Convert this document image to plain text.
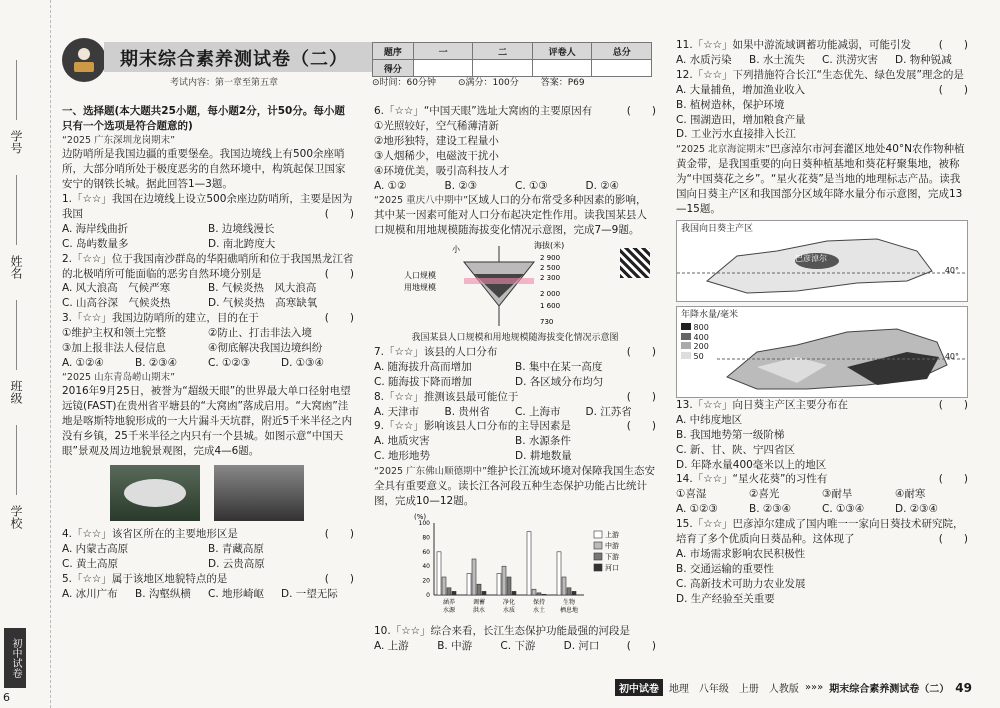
学号
姓名
班级
学校
初中试卷
6
期末综合素养测试卷（二）
考试内容：第一章至第五章
题序	一	二	评卷人	总分
得分				
⊙时间：60分钟 ⊙满分：100分 答案：P69

一、选择题(本大题共25小题，每小题2分，计50分。每小题只有一个选项是符合题意的)

“2025 广东深圳龙岗期末”

边防哨所是我国边疆的重要堡垒。我国边境线上有500余座哨所，大部分哨所处于极度恶劣的自然环境中，构筑起保卫国家安宁的钢铁长城。据此回答1—3题。

1.「☆☆」我国在边境线上设立500余座边防哨所，主要是因为我国	(　　)

A. 海岸线曲折	B. 边境线漫长
C. 岛屿数量多	D. 南北跨度大

2.「☆☆」位于我国南沙群岛的华阳礁哨所和位于我国黑龙江省的北极哨所可能面临的恶劣自然环境分别是	(　　)

A. 风大浪高　气候严寒	B. 气候炎热　风大浪高
C. 山高谷深　气候炎热	D. 气候炎热　高寒缺氧

3.「☆☆」我国边防哨所的建立，目的在于	(　　)

①维护主权和领土完整	②防止、打击非法入境
③加上报非法人侵信息	④彻底解决我国边境纠纷
A. ①②④	B. ②③④	C. ①②③	D. ①③④

“2025 山东青岛崂山期末”

2016年9月25日，被誉为“超级天眼”的世界最大单口径射电望远镜(FAST)在贵州省平塘县的“大窝凼”落成启用。“大窝凼”洼地是喀斯特地貌形成的一大片漏斗天坑群，附近5千米半径之内没有乡镇，25千米半径之内只有一个县城。如图示意“中国天眼”景观及周边地貌景观图，完成4—6题。

4.「☆☆」该省区所在的主要地形区是	(　　)

A. 内蒙古高原	B. 青藏高原
C. 黄土高原	D. 云贵高原

5.「☆☆」属于该地区地貌特点的是	(　　)

A. 冰川广布	B. 沟壑纵横	C. 地形崎岖	D. 一望无际

6.「☆☆」“中国天眼”选址大窝凼的主要原因有	(　　)

①光照较好，空气稀薄清新

②地形独特，建设工程量小

③人烟稀少，电磁波干扰小

④环境优美，吸引高科技人才

A. ①②	B. ②③	C. ①③	D. ②④

“2025 重庆八中期中”区域人口的分布常受多种因素的影响，其中某一因素可能对人口分布起决定性作用。读我国某县人口规模和用地规模随海拔变化情况示意图，完成7—9题。

人口规模
用地规模
小	海拔(米)
2 900
2 500
2 300
2 000
1 600
730

我国某县人口规模和用地规模随海拔变化情况示意图

7.「☆☆」该县的人口分布	(　　)

A. 随海拔升高而增加	B. 集中在某一高度
C. 随海拔下降而增加	D. 各区域分布均匀

8.「☆☆」推测该县最可能位于	(　　)

A. 天津市	B. 贵州省	C. 上海市	D. 江苏省

9.「☆☆」影响该县人口分布的主导因素是	(　　)

A. 地质灾害	B. 水源条件
C. 地形地势	D. 耕地数量

“2025 广东佛山顺德期中”维护长江流域环境对保障我国生态安全具有重要意义。读长江各河段五种生态保护功能占比统计图，完成10—12题。

(%)
0
20
40
60
80
100
涵养
水源
调蓄
洪水
净化
水质
保持
水土
生物
栖息地
上游
中游
下游
河口

10.「☆☆」综合来看，长江生态保护功能最强的河段是
(　　)

A. 上游	B. 中游	C. 下游	D. 河口

11.「☆☆」如果中游流域调蓄功能减弱，可能引发	(　　)

A. 水质污染	B. 水土流失	C. 洪涝灾害	D. 物种锐减

12.「☆☆」下列措施符合长江“生态优先、绿色发展”理念的是
(　　)

A. 大量捕鱼，增加渔业收入

B. 植树造林，保护环境

C. 围湖造田，增加粮食产量

D. 工业污水直接排入长江

“2025 北京海淀期末”巴彦淖尔市河套灌区地处40°N农作物种植黄金带，是我国重要的向日葵种植基地和葵花籽聚集地，被称为“中国葵花之乡”。“星火花葵”是当地的地理标志产品。读我国向日葵主产区和我国部分区域年降水量分布示意图，完成13—15题。

我国向日葵主产区
巴彦淖尔
40°
年降水量/毫米
800
400
200
50	40°

13.「☆☆」向日葵主产区主要分布在	(　　)

A. 中纬度地区

B. 我国地势第一级阶梯

C. 新、甘、陕、宁四省区

D. 年降水量400毫米以上的地区

14.「☆☆」“星火花葵”的习性有	(　　)

①喜湿	②喜光	③耐旱	④耐寒
A. ①②③	B. ②③④	C. ①③④	D. ②③④

15.「☆☆」巴彦淖尔建成了国内唯一一家向日葵技术研究院，培育了多个优质向日葵品种。这体现了	(　　)

A. 市场需求影响农民积极性

B. 交通运输的重要性

C. 高新技术可助力农业发展

D. 生产经验至关重要

初中试卷	地理　八年级　上册　人教版 »»» 期末综合素养测试卷（二） 49
